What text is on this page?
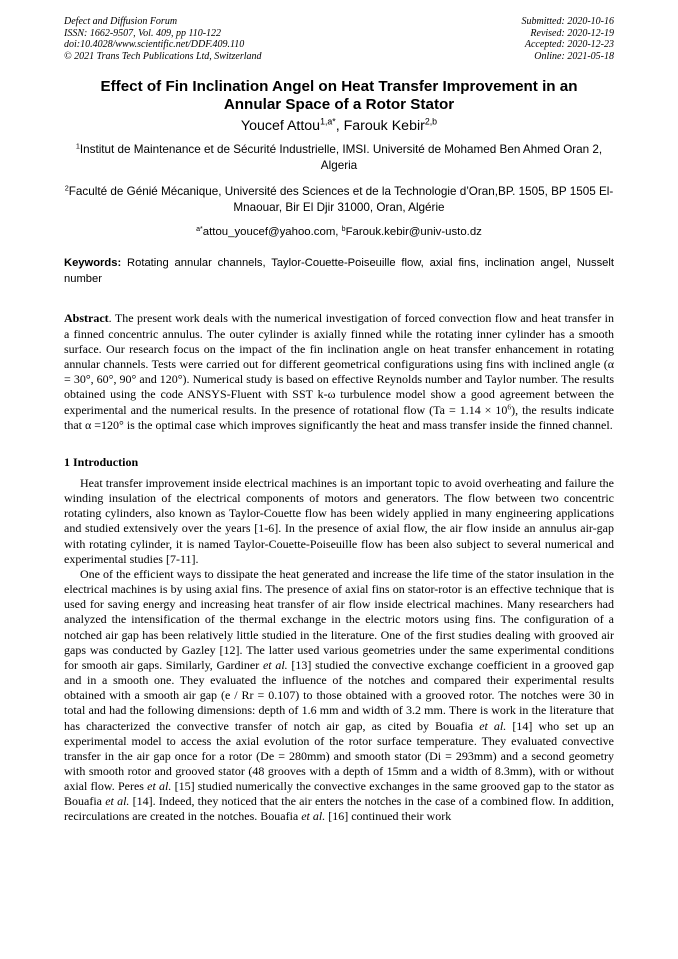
Defect and Diffusion Forum
ISSN: 1662-9507, Vol. 409, pp 110-122
doi:10.4028/www.scientific.net/DDF.409.110
© 2021 Trans Tech Publications Ltd, Switzerland
Submitted: 2020-10-16
Revised: 2020-12-19
Accepted: 2020-12-23
Online: 2021-05-18
Effect of Fin Inclination Angel on Heat Transfer Improvement in an Annular Space of a Rotor Stator
Youcef Attou$^{1,a*}$, Farouk Kebir$^{2,b}$
$^1$Institut de Maintenance et de Sécurité Industrielle, IMSI. Université de Mohamed Ben Ahmed Oran 2, Algeria
$^2$Faculté de Génié Mécanique, Université des Sciences et de la Technologie d’Oran,BP. 1505, BP 1505 El- Mnaouar, Bir El Djir 31000, Oran, Algérie
$^{a*}$attou_youcef@yahoo.com, $^b$Farouk.kebir@univ-usto.dz
Keywords: Rotating annular channels, Taylor-Couette-Poiseuille flow, axial fins, inclination angel, Nusselt number
Abstract. The present work deals with the numerical investigation of forced convection flow and heat transfer in a finned concentric annulus. The outer cylinder is axially finned while the rotating inner cylinder has a smooth surface. Our research focus on the impact of the fin inclination angle on heat transfer enhancement in rotating annular channels. Tests were carried out for different geometrical configurations using fins with inclined angle (α = 30°, 60°, 90° and 120°). Numerical study is based on effective Reynolds number and Taylor number. The results obtained using the code ANSYS-Fluent with SST k-ω turbulence model show a good agreement between the experimental and the numerical results. In the presence of rotational flow $(Ta = 1.14 \times 10^6)$, the results indicate that α =120° is the optimal case which improves significantly the heat and mass transfer inside the finned channel.
1 Introduction
Heat transfer improvement inside electrical machines is an important topic to avoid overheating and failure the winding insulation of the electrical components of motors and generators. The flow between two concentric rotating cylinders, also known as Taylor-Couette flow has been widely applied in many engineering applications and studied extensively over the years [1-6]. In the presence of axial flow, the air flow inside an annulus air-gap with rotating cylinder, it is named Taylor-Couette-Poiseuille flow has been also subject to several numerical and experimental studies [7-11].
One of the efficient ways to dissipate the heat generated and increase the life time of the stator insulation in the electrical machines is by using axial fins. The presence of axial fins on stator-rotor is an effective technique that is used for saving energy and increasing heat transfer of air flow inside electrical machines. Many researchers had analyzed the intensification of the thermal exchange in the electric motors using fins. The configuration of a notched air gap has been relatively little studied in the literature. One of the first studies dealing with grooved air gaps was conducted by Gazley [12]. The latter used various geometries under the same experimental conditions for smooth air gaps. Similarly, Gardiner et al. [13] studied the convective exchange coefficient in a grooved gap and in a smooth one. They evaluated the influence of the notches and compared their experimental results obtained with a smooth air gap (e / Rr = 0.107) to those obtained with a grooved rotor. The notches were 30 in total and had the following dimensions: depth of 1.6 mm and width of 3.2 mm. There is work in the literature that has characterized the convective transfer of notch air gap, as cited by Bouafia et al. [14] who set up an experimental model to access the axial evolution of the rotor surface temperature. They evaluated convective transfer in the air gap once for a rotor (De = 280mm) and smooth stator (Di = 293mm) and a second geometry with smooth rotor and grooved stator (48 grooves with a depth of 15mm and a width of 8.3mm), with or without axial flow. Peres et al. [15] studied numerically the convective exchanges in the same grooved gap to the stator as Bouafia et al. [14]. Indeed, they noticed that the air enters the notches in the case of a combined flow. In addition, recirculations are created in the notches. Bouafia et al. [16] continued their work
